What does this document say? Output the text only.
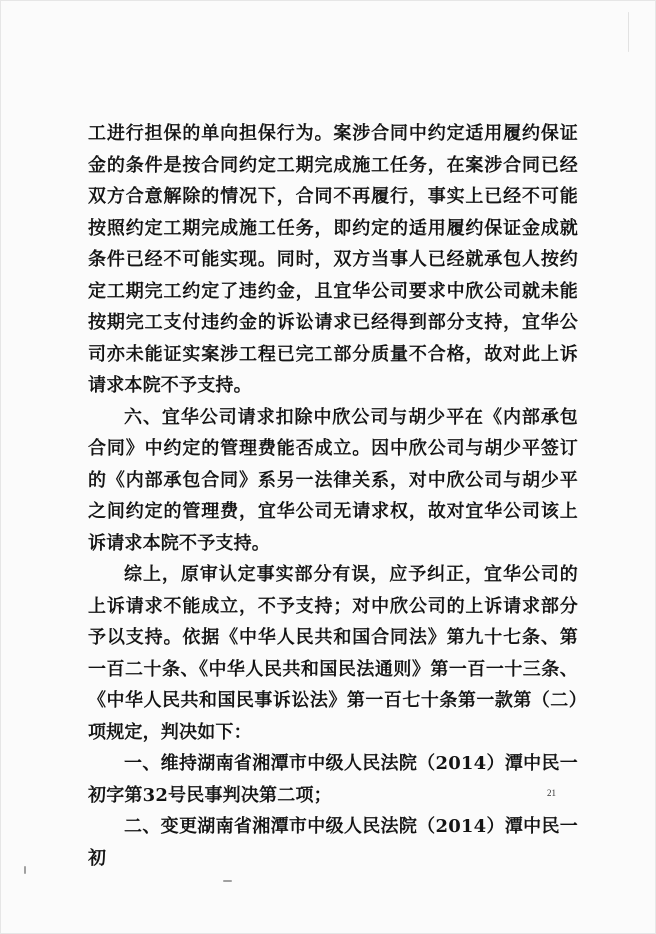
工进行担保的单向担保行为。案涉合同中约定适用履约保证金的条件是按合同约定工期完成施工任务，在案涉合同已经双方合意解除的情况下，合同不再履行，事实上已经不可能按照约定工期完成施工任务，即约定的适用履约保证金成就条件已经不可能实现。同时，双方当事人已经就承包人按约定工期完工约定了违约金，且宜华公司要求中欣公司就未能按期完工支付违约金的诉讼请求已经得到部分支持，宜华公司亦未能证实案涉工程已完工部分质量不合格，故对此上诉请求本院不予支持。

六、宜华公司请求扣除中欣公司与胡少平在《内部承包合同》中约定的管理费能否成立。因中欣公司与胡少平签订的《内部承包合同》系另一法律关系，对中欣公司与胡少平之间约定的管理费，宜华公司无请求权，故对宜华公司该上诉请求本院不予支持。

综上，原审认定事实部分有误，应予纠正，宜华公司的上诉请求不能成立，不予支持；对中欣公司的上诉请求部分予以支持。依据《中华人民共和国合同法》第九十七条、第一百二十条、《中华人民共和国民法通则》第一百一十三条、《中华人民共和国民事诉讼法》第一百七十条第一款第（二）项规定，判决如下：

一、维持湖南省湘潭市中级人民法院（2014）潭中民一初字第32号民事判决第二项；

二、变更湖南省湘潭市中级人民法院（2014）潭中民一初

21
